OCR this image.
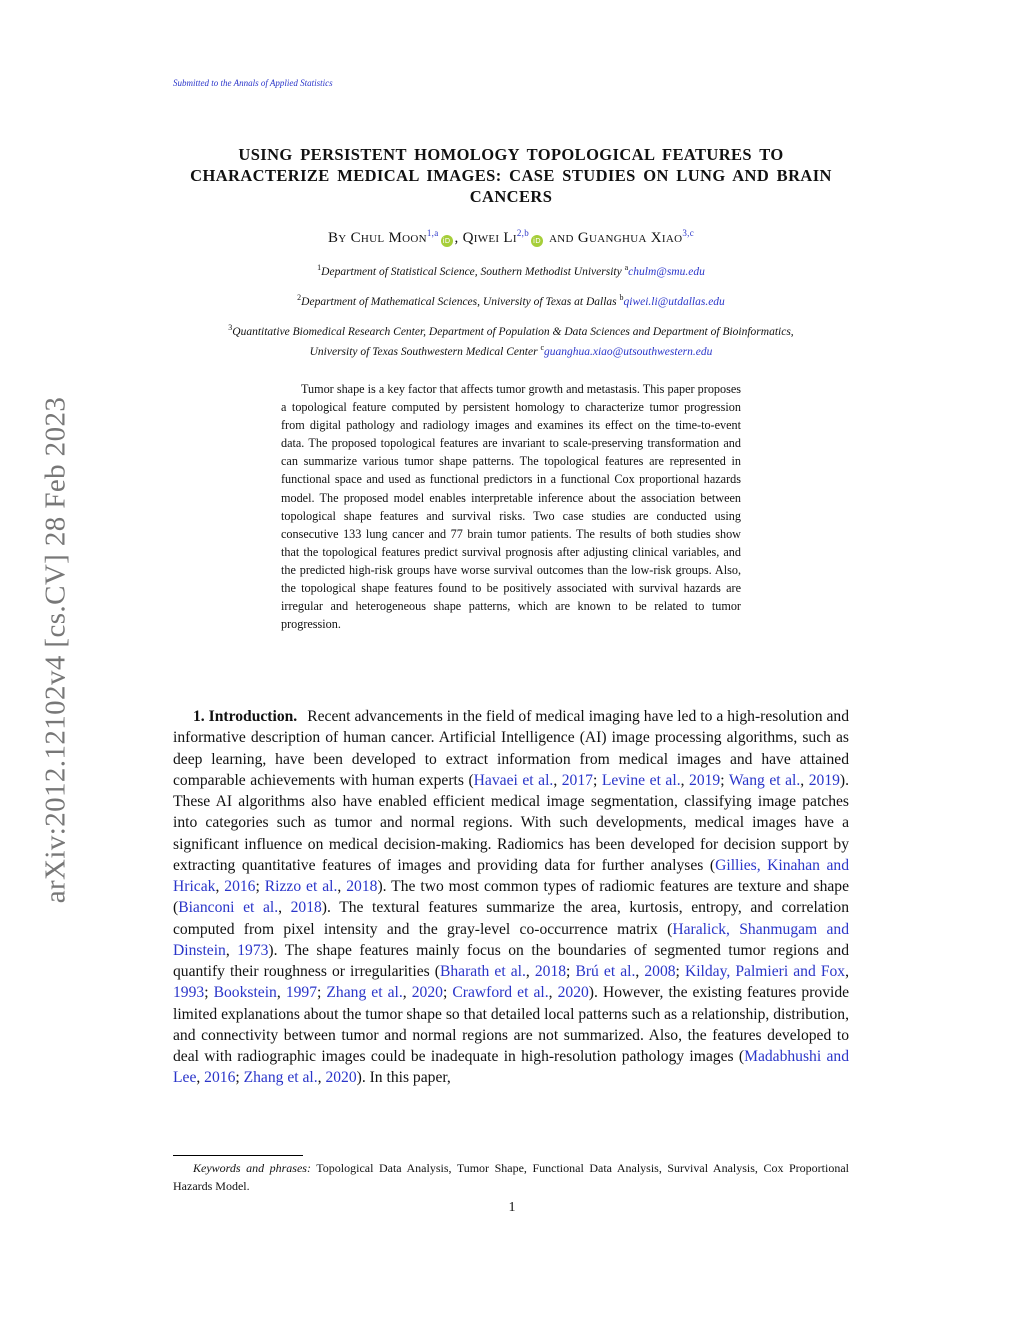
Submitted to the Annals of Applied Statistics
arXiv:2012.12102v4 [cs.CV] 28 Feb 2023
USING PERSISTENT HOMOLOGY TOPOLOGICAL FEATURES TO CHARACTERIZE MEDICAL IMAGES: CASE STUDIES ON LUNG AND BRAIN CANCERS
By Chul Moon$^{1,a}$iD , Qiwei Li$^{2,b}$iD and Guanghua Xiao$^{3,c}$
$^1$Department of Statistical Science, Southern Methodist University $^a$chulm@smu.edu
$^2$Department of Mathematical Sciences, University of Texas at Dallas $^b$qiwei.li@utdallas.edu
$^3$Quantitative Biomedical Research Center, Department of Population & Data Sciences and Department of Bioinformatics,
University of Texas Southwestern Medical Center $^c$guanghua.xiao@utsouthwestern.edu

Tumor shape is a key factor that affects tumor growth and metastasis. This paper proposes a topological feature computed by persistent homology to characterize tumor progression from digital pathology and radiology images and examines its effect on the time-to-event data. The proposed topological features are invariant to scale-preserving transformation and can summarize various tumor shape patterns. The topological features are represented in functional space and used as functional predictors in a functional Cox proportional hazards model. The proposed model enables interpretable inference about the association between topological shape features and survival risks. Two case studies are conducted using consecutive 133 lung cancer and 77 brain tumor patients. The results of both studies show that the topological features predict survival prognosis after adjusting clinical variables, and the predicted high-risk groups have worse survival outcomes than the low-risk groups. Also, the topological shape features found to be positively associated with survival hazards are irregular and heterogeneous shape patterns, which are known to be related to tumor progression.

1. Introduction. Recent advancements in the field of medical imaging have led to a high-resolution and informative description of human cancer. Artificial Intelligence (AI) image processing algorithms, such as deep learning, have been developed to extract information from medical images and have attained comparable achievements with human experts (Havaei et al., 2017; Levine et al., 2019; Wang et al., 2019). These AI algorithms also have enabled efficient medical image segmentation, classifying image patches into categories such as tumor and normal regions. With such developments, medical images have a significant influence on medical decision-making. Radiomics has been developed for decision support by extracting quantitative features of images and providing data for further analyses (Gillies, Kinahan and Hricak, 2016; Rizzo et al., 2018). The two most common types of radiomic features are texture and shape (Bianconi et al., 2018). The textural features summarize the area, kurtosis, entropy, and correlation computed from pixel intensity and the gray-level co-occurrence matrix (Haralick, Shanmugam and Dinstein, 1973). The shape features mainly focus on the boundaries of segmented tumor regions and quantify their roughness or irregularities (Bharath et al., 2018; Brú et al., 2008; Kilday, Palmieri and Fox, 1993; Bookstein, 1997; Zhang et al., 2020; Crawford et al., 2020). However, the existing features provide limited explanations about the tumor shape so that detailed local patterns such as a relationship, distribution, and connectivity between tumor and normal regions are not summarized. Also, the features developed to deal with radiographic images could be inadequate in high-resolution pathology images (Madabhushi and Lee, 2016; Zhang et al., 2020). In this paper,

Keywords and phrases: Topological Data Analysis, Tumor Shape, Functional Data Analysis, Survival Analysis, Cox Proportional Hazards Model.

1
